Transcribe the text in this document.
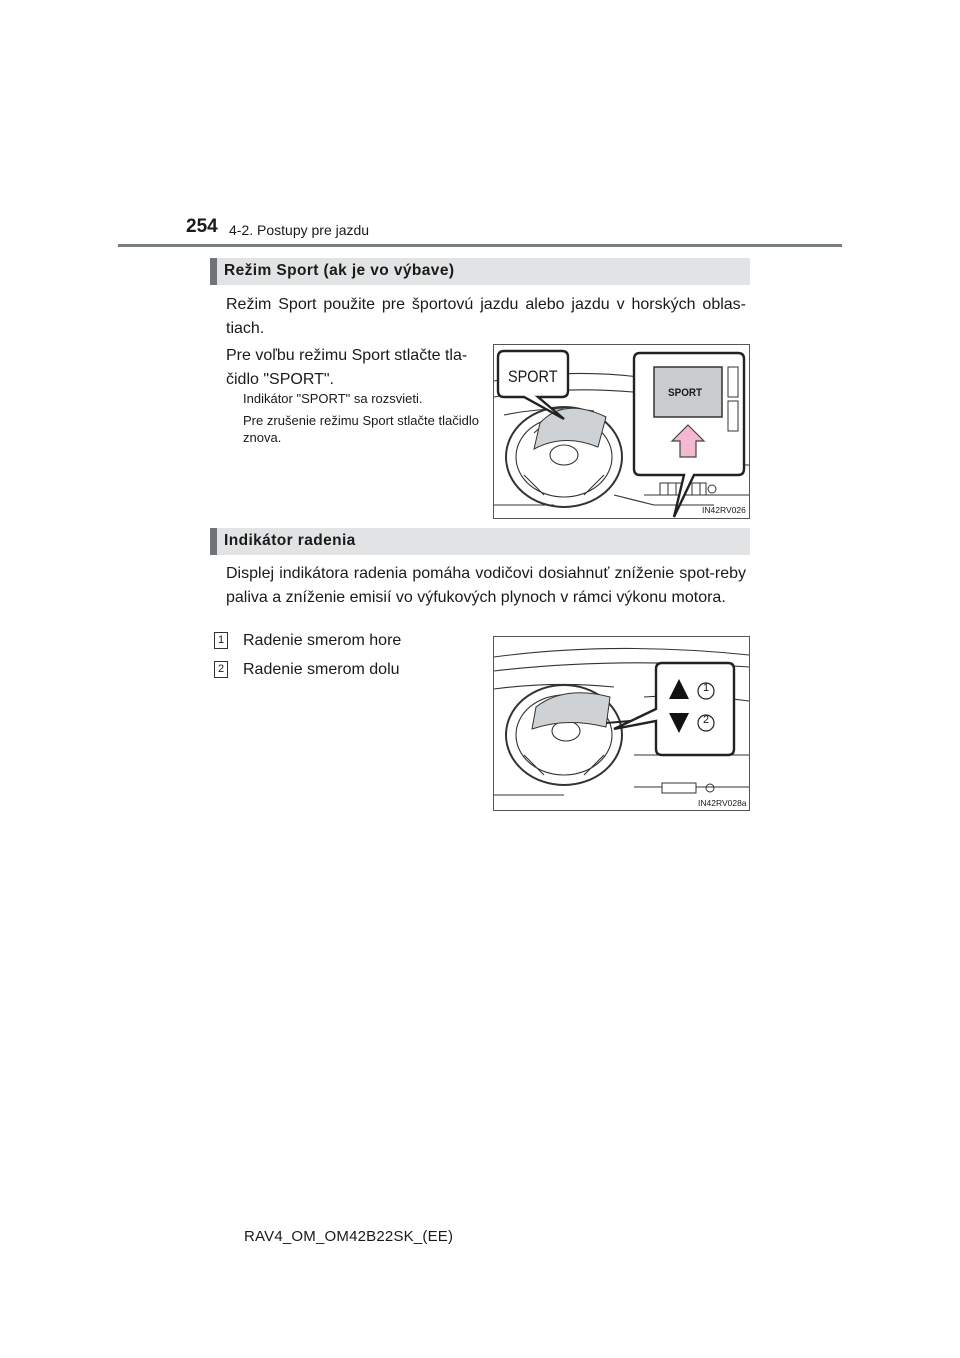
254 4-2. Postupy pre jazdu
Režim Sport (ak je vo výbave)
Režim Sport použite pre športovú jazdu alebo jazdu v horských oblas-tiach.
Pre voľbu režimu Sport stlačte tla-čidlo "SPORT".
Indikátor "SPORT" sa rozsvieti.
Pre zrušenie režimu Sport stlačte tlačidlo znova.
SPORT
SPORT
IN42RV026
Indikátor radenia
Displej indikátora radenia pomáha vodičovi dosiahnuť zníženie spot-reby paliva a zníženie emisií vo výfukových plynoch v rámci výkonu motora.
1 Radenie smerom hore
2 Radenie smerom dolu
1
2
IN42RV028a
RAV4_OM_OM42B22SK_(EE)
